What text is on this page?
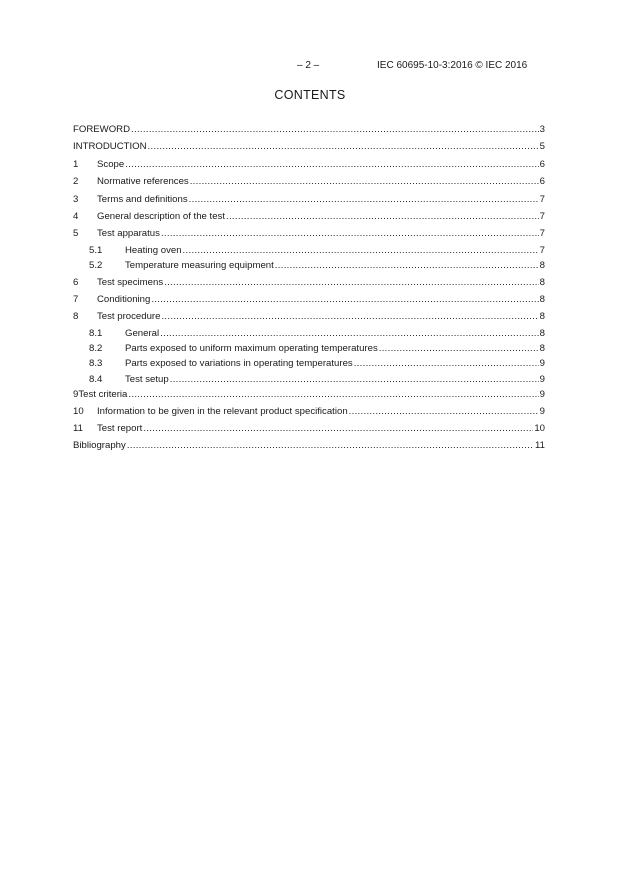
– 2 –	IEC 60695-10-3:2016 © IEC 2016
CONTENTS
FOREWORD .....	3
INTRODUCTION .....	5
1	Scope .....	6
2	Normative references .....	6
3	Terms and definitions .....	7
4	General description of the test .....	7
5	Test apparatus .....	7
5.1	Heating oven .....	7
5.2	Temperature measuring equipment .....	8
6	Test specimens .....	8
7	Conditioning .....	8
8	Test procedure .....	8
8.1	General .....	8
8.2	Parts exposed to uniform maximum operating temperatures .....	8
8.3	Parts exposed to variations in operating temperatures .....	9
8.4	Test setup .....	9
9 Test criteria .....	9
10	Information to be given in the relevant product specification .....	9
11	Test report .....	10
Bibliography .....	11
